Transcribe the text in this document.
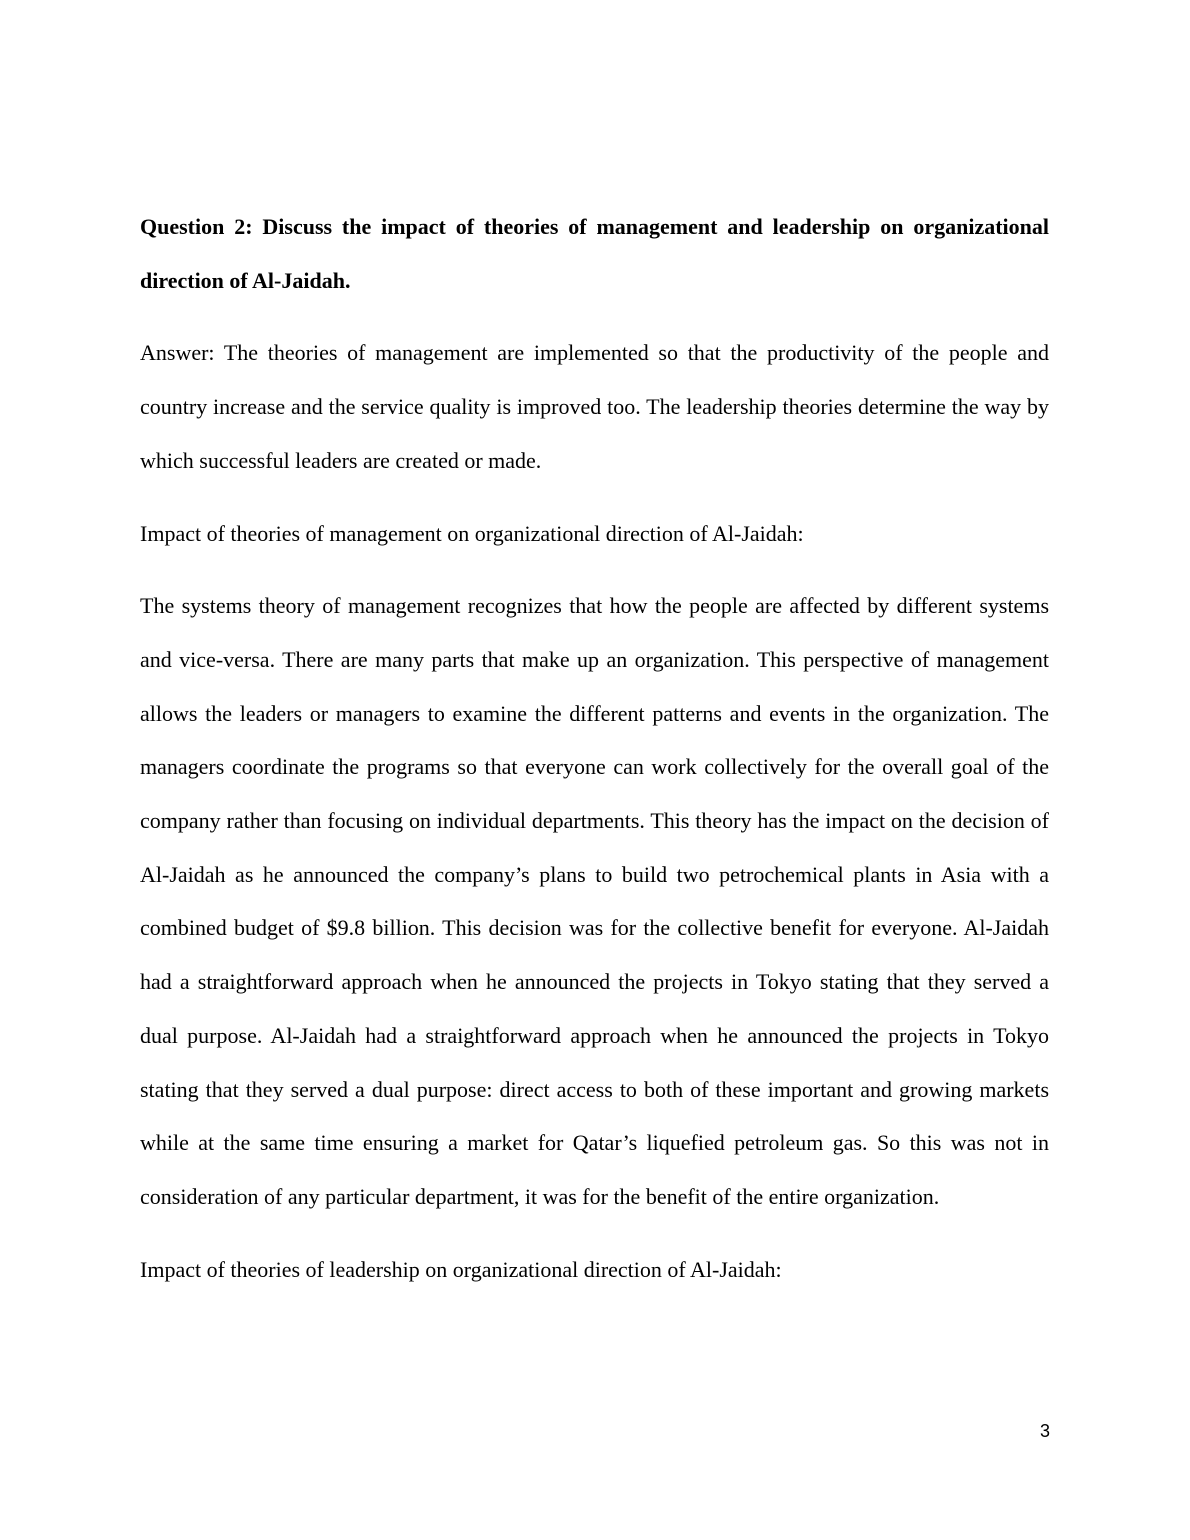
Question 2: Discuss the impact of theories of management and leadership on organizational direction of Al-Jaidah.

Answer: The theories of management are implemented so that the productivity of the people and country increase and the service quality is improved too. The leadership theories determine the way by which successful leaders are created or made.

Impact of theories of management on organizational direction of Al-Jaidah:

The systems theory of management recognizes that how the people are affected by different systems and vice-versa. There are many parts that make up an organization. This perspective of management allows the leaders or managers to examine the different patterns and events in the organization. The managers coordinate the programs so that everyone can work collectively for the overall goal of the company rather than focusing on individual departments. This theory has the impact on the decision of Al-Jaidah as he announced the company’s plans to build two petrochemical plants in Asia with a combined budget of $9.8 billion. This decision was for the collective benefit for everyone. Al-Jaidah had a straightforward approach when he announced the projects in Tokyo stating that they served a dual purpose. Al-Jaidah had a straightforward approach when he announced the projects in Tokyo stating that they served a dual purpose: direct access to both of these important and growing markets while at the same time ensuring a market for Qatar’s liquefied petroleum gas. So this was not in consideration of any particular department, it was for the benefit of the entire organization.

Impact of theories of leadership on organizational direction of Al-Jaidah:

3
